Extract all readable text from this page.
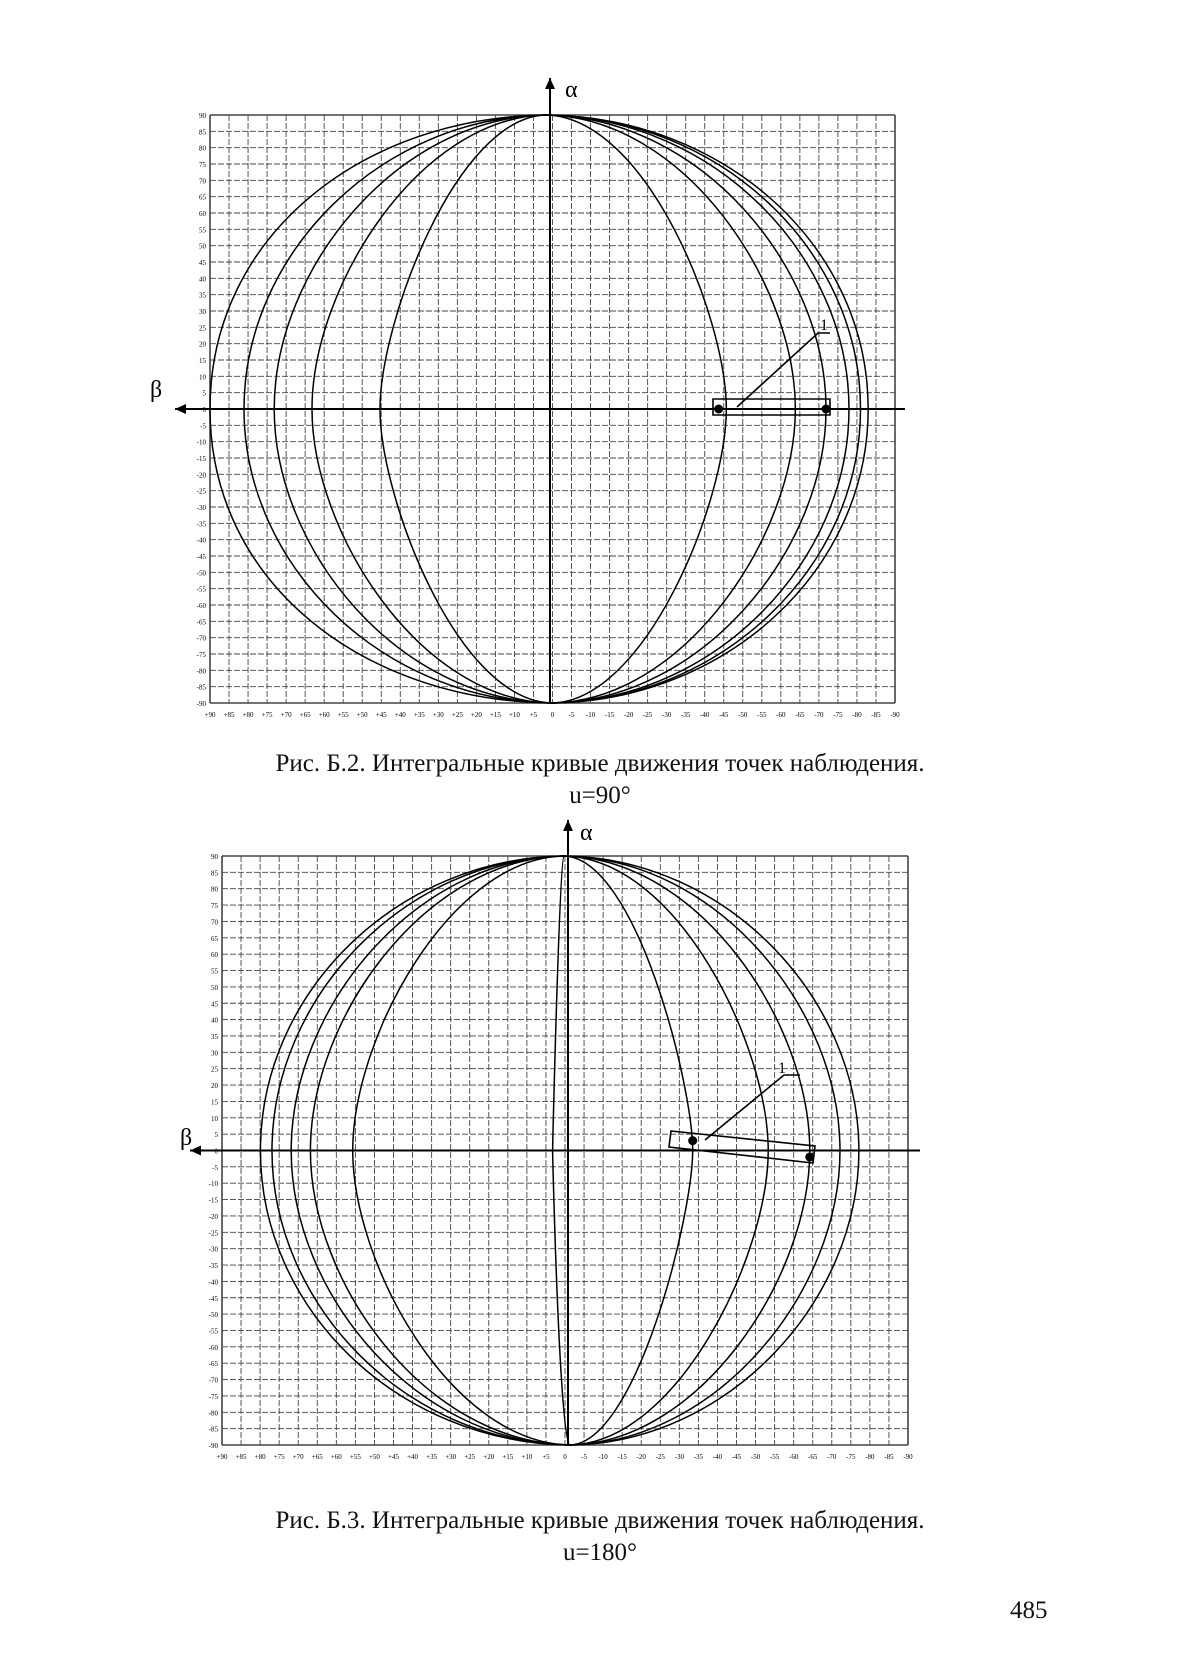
α
β
+90 +85 +80 +75 +70 +65 +60 +55 +50 +45 +40 +35 +30 +25 +20 +15 +10 +5 0 -5 -10 -15 -20 -25 -30 -35 -40 -45 -50 -55 -60 -65 -70 -75 -80 -85 -90
90
85
80
75
70
65
60
55
50
45
40
35
30
25
20
15
10
5
0
-5
-10
-15
-20
-25
-30
-35
-40
-45
-50
-55
-60
-65
-70
-75
-80
-85
-90
1
α
β
+90 +85 +80 +75 +70 +65 +60 +55 +50 +45 +40 +35 +30 +25 +20 +15 +10 +5 0 -5 -10 -15 -20 -25 -30 -35 -40 -45 -50 -55 -60 -65 -70 -75 -80 -85 -90
90
85
80
75
70
65
60
55
50
45
40
35
30
25
20
15
10
5
0
-5
-10
-15
-20
-25
-30
-35
-40
-45
-50
-55
-60
-65
-70
-75
-80
-85
-90
1
Рис. Б.2. Интегральные кривые движения точек наблюдения.
u=90°
Рис. Б.3. Интегральные кривые движения точек наблюдения.
u=180°
485
